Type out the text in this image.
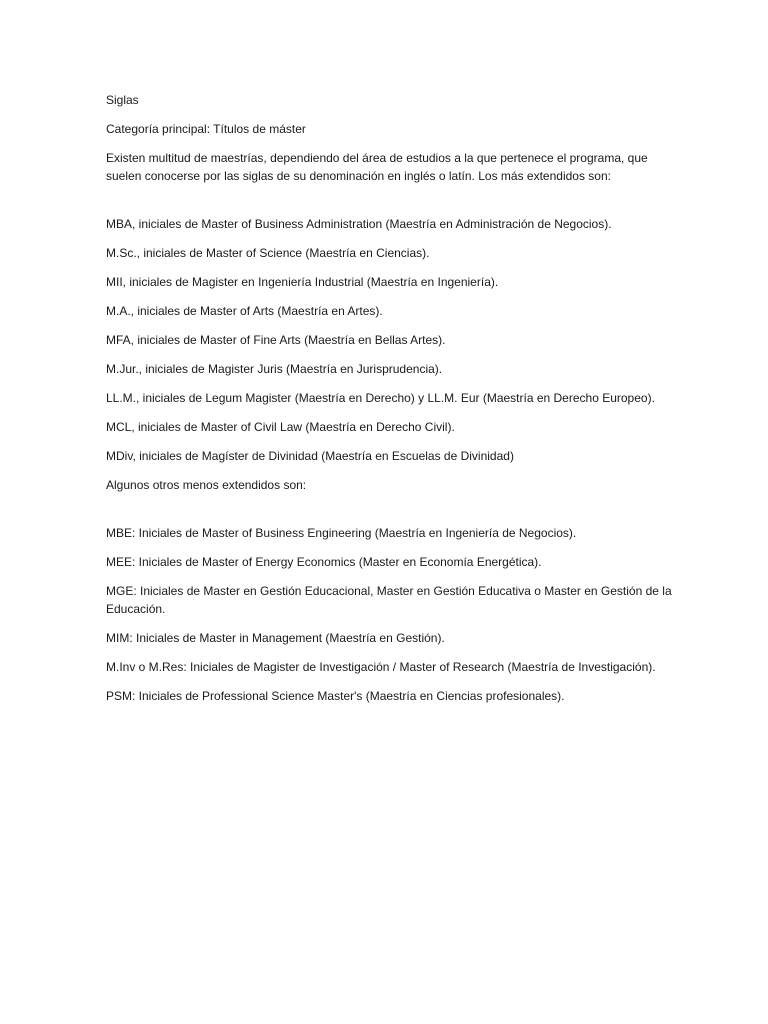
Siglas

Categoría principal: Títulos de máster

Existen multitud de maestrías, dependiendo del área de estudios a la que pertenece el programa, que suelen conocerse por las siglas de su denominación en inglés o latín. Los más extendidos son:

MBA, iniciales de Master of Business Administration (Maestría en Administración de Negocios).

M.Sc., iniciales de Master of Science (Maestría en Ciencias).

MII, iniciales de Magister en Ingeniería Industrial (Maestría en Ingeniería).

M.A., iniciales de Master of Arts (Maestría en Artes).

MFA, iniciales de Master of Fine Arts (Maestría en Bellas Artes).

M.Jur., iniciales de Magister Juris (Maestría en Jurisprudencia).

LL.M., iniciales de Legum Magister (Maestría en Derecho) y LL.M. Eur (Maestría en Derecho Europeo).

MCL, iniciales de Master of Civil Law (Maestría en Derecho Civil).

MDiv, iniciales de Magíster de Divinidad (Maestría en Escuelas de Divinidad)

Algunos otros menos extendidos son:

MBE: Iniciales de Master of Business Engineering (Maestría en Ingeniería de Negocios).

MEE: Iniciales de Master of Energy Economics (Master en Economía Energética).

MGE: Iniciales de Master en Gestión Educacional, Master en Gestión Educativa o Master en Gestión de la Educación.

MIM: Iniciales de Master in Management (Maestría en Gestión).

M.Inv o M.Res: Iniciales de Magister de Investigación / Master of Research (Maestría de Investigación).

PSM: Iniciales de Professional Science Master's (Maestría en Ciencias profesionales).
